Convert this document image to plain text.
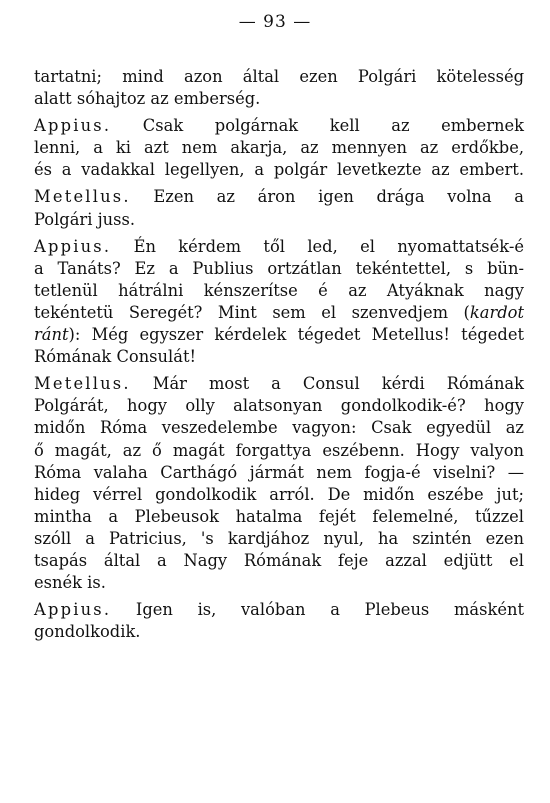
— 93 —
tartatni; mind azon által ezen Polgári kötelesség
alatt sóhajtoz az emberség.
Appius. Csak polgárnak kell az embernek
lenni, a ki azt nem akarja, az mennyen az erdőkbe,
és a vadakkal legellyen, a polgár levetkezte az embert.
Metellus. Ezen az áron igen drága volna a
Polgári juss.
Appius. Én kérdem től led, el nyomattatsék-é
a Tanáts? Ez a Publius ortzátlan tekéntettel, s bün-
tetlenül hátrálni kénszerítse é az Atyáknak nagy
tekéntetü Seregét? Mint sem el szenvedjem (kardot
ránt): Még egyszer kérdelek tégedet Metellus! tégedet
Rómának Consulát!
Metellus. Már most a Consul kérdi Rómának
Polgárát, hogy olly alatsonyan gondolkodik-é? hogy
midőn Róma veszedelembe vagyon: Csak egyedül az
ő magát, az ő magát forgattya eszébenn. Hogy valyon
Róma valaha Carthágó jármát nem fogja-é viselni? —
hideg vérrel gondolkodik arról. De midőn eszébe jut;
mintha a Plebeusok hatalma fejét felemelné, tűzzel
szóll a Patricius, 's kardjához nyul, ha szintén ezen
tsapás által a Nagy Rómának feje azzal edjütt el
esnék is.
Appius. Igen is, valóban a Plebeus másként
gondolkodik.
